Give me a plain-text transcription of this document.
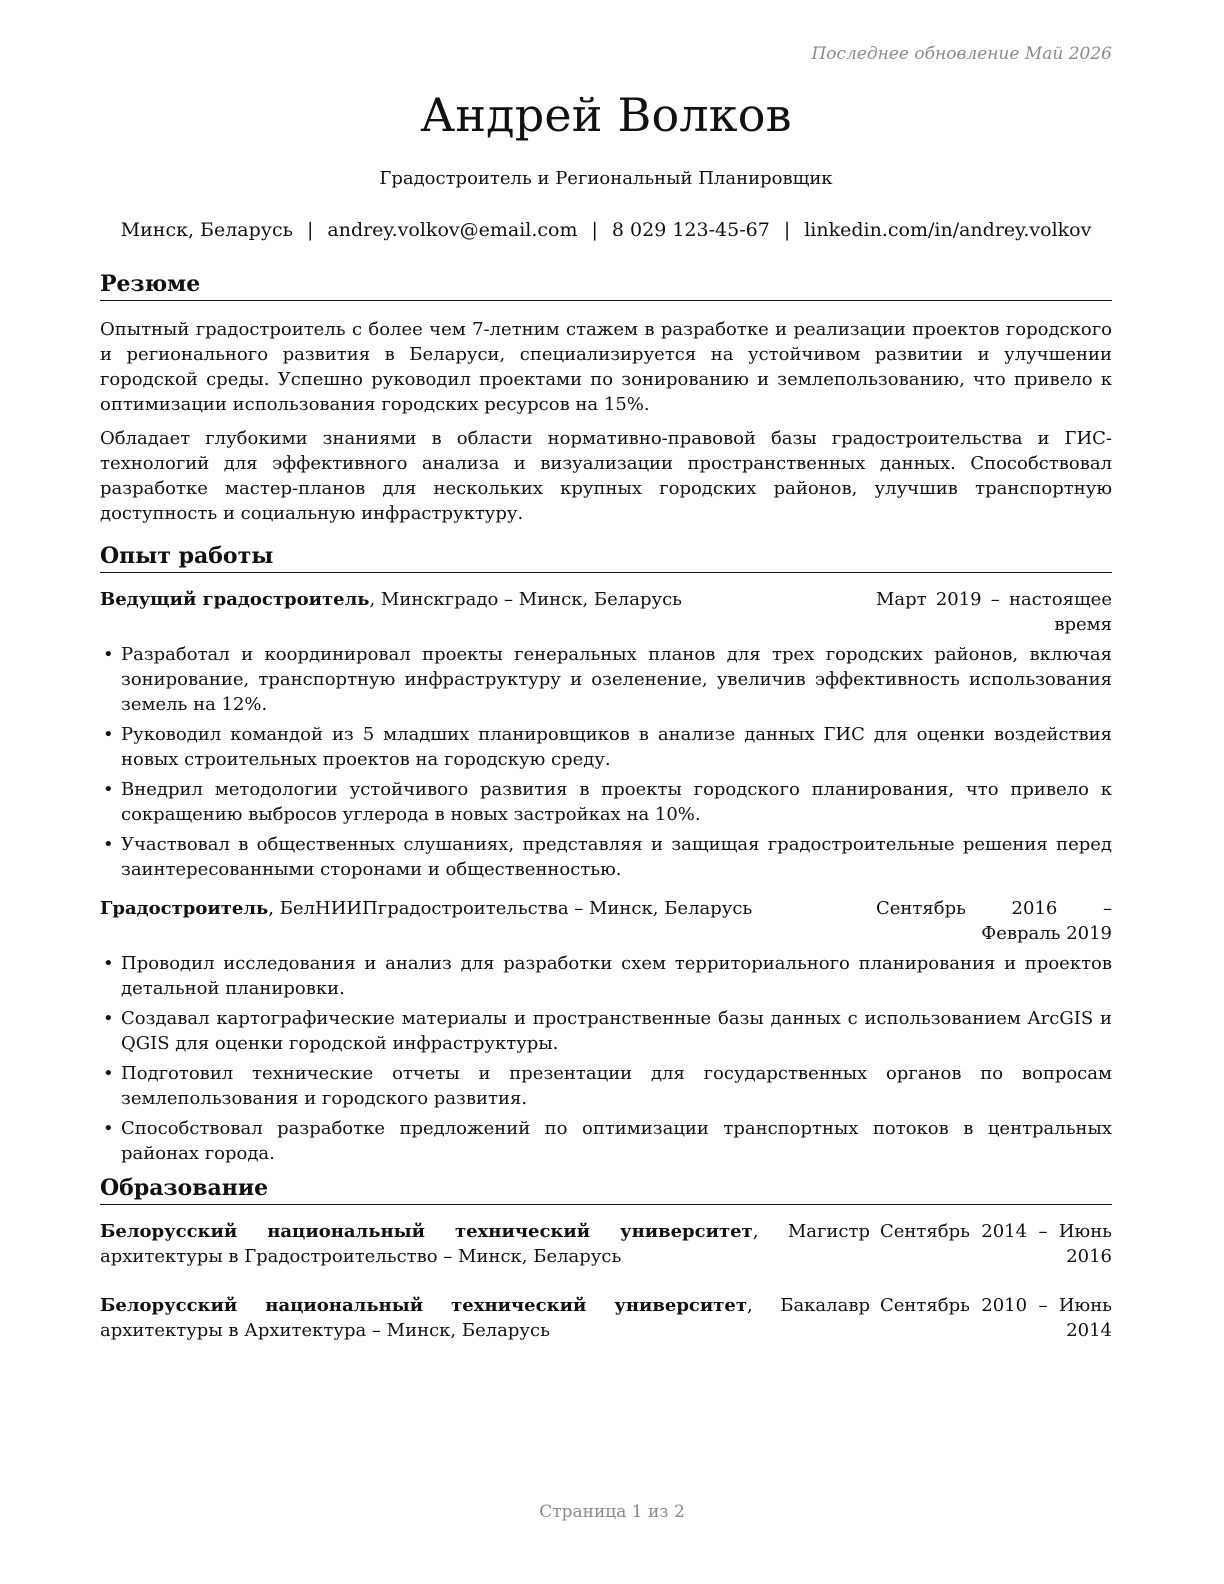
Последнее обновление Май 2026
Андрей Волков
Градостроитель и Региональный Планировщик
Минск, Беларусь | andrey.volkov@email.com | 8 029 123-45-67 | linkedin.com/in/andrey.volkov
Резюме

Опытный градостроитель с более чем 7-летним стажем в разработке и реализации проектов городского и регионального развития в Беларуси, специализируется на устойчивом развитии и улучшении городской среды. Успешно руководил проектами по зонированию и землепользованию, что привело к оптимизации использования городских ресурсов на 15%.

Обладает глубокими знаниями в области нормативно-правовой базы градостроительства и ГИС-технологий для эффективного анализа и визуализации пространственных данных. Способствовал разработке мастер-планов для нескольких крупных городских районов, улучшив транспортную доступность и социальную инфраструктуру.

Опыт работы
Ведущий градостроитель, Минскградо – Минск, Беларусь	Март 2019 – настоящее время
• Разработал и координировал проекты генеральных планов для трех городских районов, включая зонирование, транспортную инфраструктуру и озеленение, увеличив эффективность использования земель на 12%.
• Руководил командой из 5 младших планировщиков в анализе данных ГИС для оценки воздействия новых строительных проектов на городскую среду.
• Внедрил методологии устойчивого развития в проекты городского планирования, что привело к сокращению выбросов углерода в новых застройках на 10%.
• Участвовал в общественных слушаниях, представляя и защищая градостроительные решения перед заинтересованными сторонами и общественностью.
Градостроитель, БелНИИПградостроительства – Минск, Беларусь	Сентябрь 2016 – Февраль 2019
• Проводил исследования и анализ для разработки схем территориального планирования и проектов детальной планировки.
• Создавал картографические материалы и пространственные базы данных с использованием ArcGIS и QGIS для оценки городской инфраструктуры.
• Подготовил технические отчеты и презентации для государственных органов по вопросам землепользования и городского развития.
• Способствовал разработке предложений по оптимизации транспортных потоков в центральных районах города.
Образование
Белорусский национальный технический университет, Магистр архитектуры в Градостроительство – Минск, Беларусь
Сентябрь 2014 – Июнь 2016
Белорусский национальный технический университет, Бакалавр архитектуры в Архитектура – Минск, Беларусь
Сентябрь 2010 – Июнь 2014
Страница 1 из 2
